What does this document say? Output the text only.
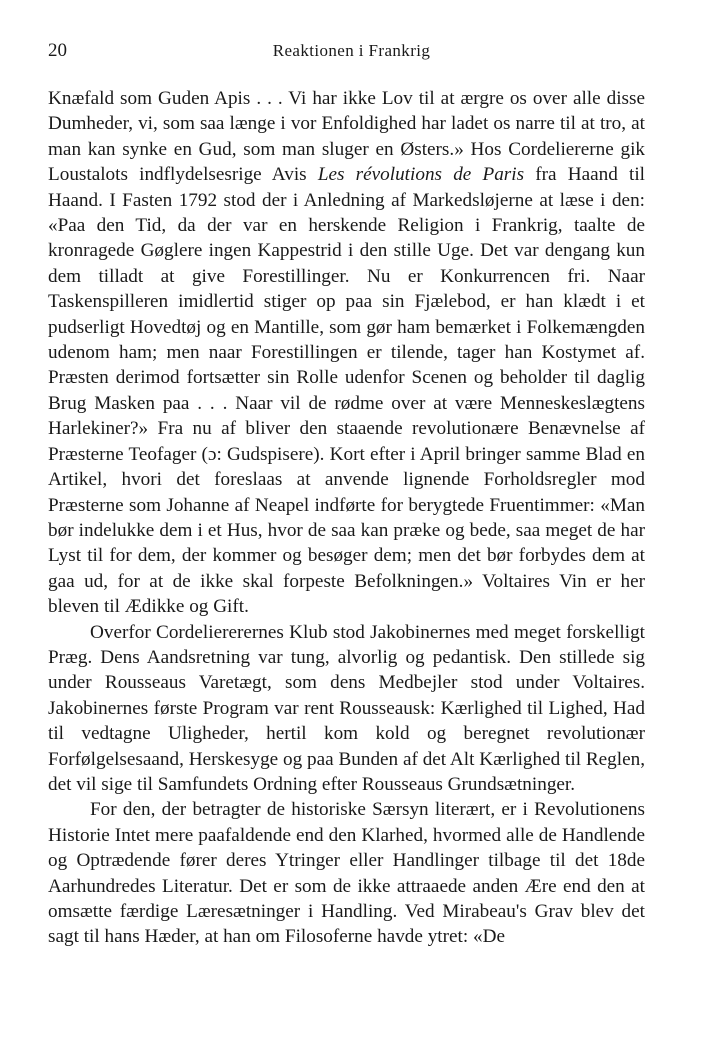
20	Reaktionen i Frankrig

Knæfald som Guden Apis . . . Vi har ikke Lov til at ærgre os over alle disse Dumheder, vi, som saa længe i vor Enfoldighed har ladet os narre til at tro, at man kan synke en Gud, som man sluger en Østers.» Hos Cordeliererne gik Loustalots indflydelsesrige Avis Les révolutions de Paris fra Haand til Haand. I Fasten 1792 stod der i Anledning af Markedsløjerne at læse i den: «Paa den Tid, da der var en herskende Religion i Frankrig, taalte de kronragede Gøglere ingen Kappestrid i den stille Uge. Det var dengang kun dem tilladt at give Forestillinger. Nu er Konkurrencen fri. Naar Taskenspilleren imidlertid stiger op paa sin Fjælebod, er han klædt i et pudserligt Hovedtøj og en Mantille, som gør ham bemærket i Folkemængden udenom ham; men naar Forestillingen er tilende, tager han Kostymet af. Præsten derimod fortsætter sin Rolle udenfor Scenen og beholder til daglig Brug Masken paa . . . Naar vil de rødme over at være Menneskeslægtens Harlekiner?» Fra nu af bliver den staaende revolutionære Benævnelse af Præsterne Teofager (ɔ: Gudspisere). Kort efter i April bringer samme Blad en Artikel, hvori det foreslaas at anvende lignende Forholdsregler mod Præsterne som Johanne af Neapel indførte for berygtede Fruentimmer: «Man bør indelukke dem i et Hus, hvor de saa kan præke og bede, saa meget de har Lyst til for dem, der kommer og besøger dem; men det bør forbydes dem at gaa ud, for at de ikke skal forpeste Befolkningen.» Voltaires Vin er her bleven til Ædikke og Gift.

Overfor Cordeliererernes Klub stod Jakobinernes med meget forskelligt Præg. Dens Aandsretning var tung, alvorlig og pedantisk. Den stillede sig under Rousseaus Varetægt, som dens Medbejler stod under Voltaires. Jakobinernes første Program var rent Rousseausk: Kærlighed til Lighed, Had til vedtagne Uligheder, hertil kom kold og beregnet revolutionær Forfølgelsesaand, Herskesyge og paa Bunden af det Alt Kærlighed til Reglen, det vil sige til Samfundets Ordning efter Rousseaus Grundsætninger.

For den, der betragter de historiske Særsyn literært, er i Revolutionens Historie Intet mere paafaldende end den Klarhed, hvormed alle de Handlende og Optrædende fører deres Ytringer eller Handlinger tilbage til det 18de Aarhundredes Literatur. Det er som de ikke attraaede anden Ære end den at omsætte færdige Læresætninger i Handling. Ved Mirabeau's Grav blev det sagt til hans Hæder, at han om Filosoferne havde ytret: «De
